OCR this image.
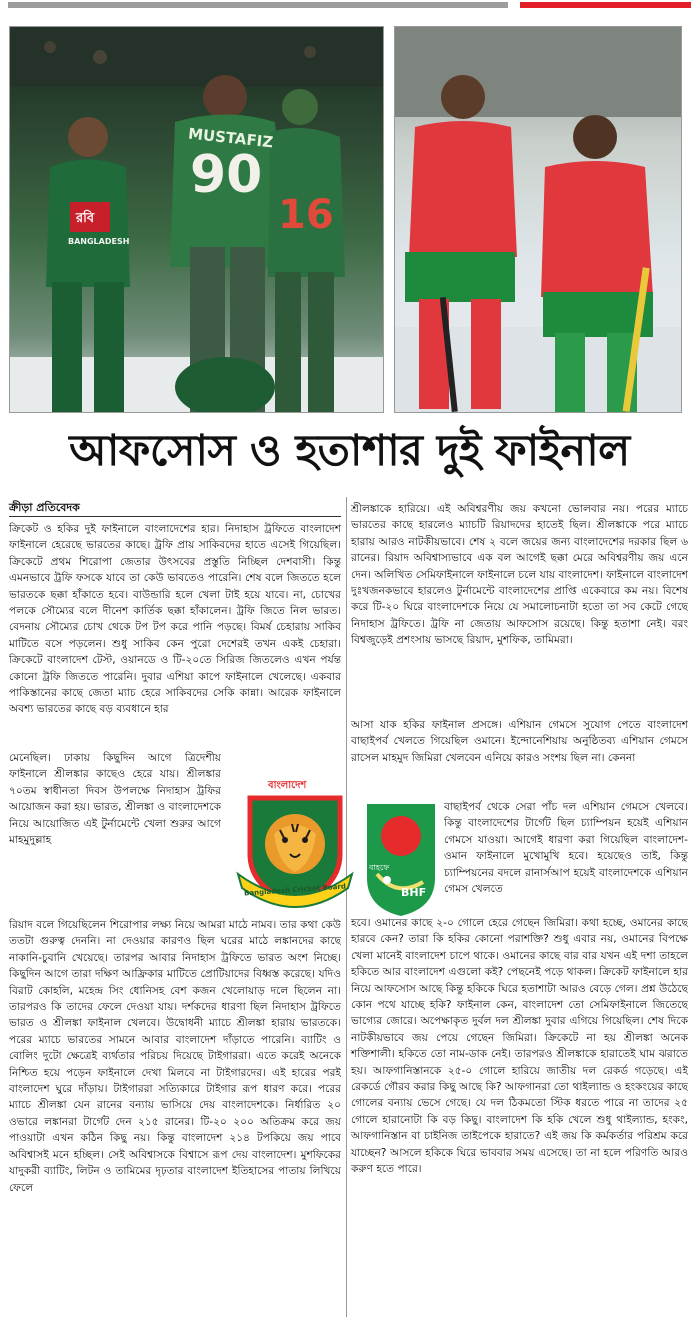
MUSTAFIZ
90
16
রবি
BANGLADESH
আফসোস ও হতাশার দুই ফাইনাল
ক্রীড়া প্রতিবেদক

ক্রিকেট ও হকির দুই ফাইনালে বাংলাদেশের হার। নিদাহাস ট্রফিতে বাংলাদেশ ফাইনালে হেরেছে ভারতের কাছে। ট্রফি প্রায় সাকিবদের হাতে এসেই গিয়েছিল। ক্রিকেটে প্রথম শিরোপা জেতার উৎসবের প্রস্তুতি নিচ্ছিল দেশবাসী। কিন্তু এমনভাবে ট্রফি ফসকে যাবে তা কেউ ভাবতেও পারেনি। শেষ বলে জিততে হলে ভারতকে ছক্কা হাঁকাতে হবে। বাউন্ডারি হলে খেলা টাই হয়ে যাবে। না, চোখের পলকে সৌম্যের বলে দীনেশ কার্তিক ছক্কা হাঁকালেন। ট্রফি জিতে নিল ভারত। বেদনায় সৌম্যের চোখ থেকে টপ টপ করে পানি পড়ছে। বিমর্ষ চেহারায় সাকিব মাটিতে বসে পড়লেন। শুধু সাকিব কেন পুরো দেশেরই তখন একই চেহারা। ক্রিকেটে বাংলাদেশ টেস্ট, ওয়ানডে ও টি-২০তে সিরিজ জিতলেও এখন পর্যন্ত কোনো ট্রফি জিততে পারেনি। দুবার এশিয়া কাপে ফাইনালে খেলেছে। একবার পাকিস্তানের কাছে জেতা ম্যাচ হেরে সাকিবদের সেকি কান্না। আরেক ফাইনালে অবশ্য ভারতের কাছে বড় ব্যবধানে হার

মেনেছিল। ঢাকায় কিছুদিন আগে ত্রিদেশীয় ফাইনালে শ্রীলঙ্কার কাছেও হেরে যায়। শ্রীলঙ্কার ৭০তম স্বাধীনতা দিবস উপলক্ষে নিদাহাস ট্রফির আয়োজন করা হয়। ভারত, শ্রীলঙ্কা ও বাংলাদেশকে নিয়ে আয়োজিত এই টুর্নামেন্টে খেলা শুরুর আগে মাহমুদুল্লাহ

রিয়াদ বলে গিয়েছিলেন শিরোপার লক্ষ্য নিয়ে আমরা মাঠে নামব। তার কথা কেউ ততটা গুরুত্ব দেননি। না দেওয়ার কারণও ছিল ঘরের মাঠে লঙ্কানদের কাছে নাকানি-চুবানি খেয়েছে। তারপর আবার নিদাহাস ট্রফিতে ভারত অংশ নিচ্ছে। কিছুদিন আগে তারা দক্ষিণ আফ্রিকার মাটিতে প্রোটিয়াদের বিধ্বস্ত করেছে। যদিও বিরাট কোহলি, মহেন্দ্র সিং ধোনিসহ বেশ কজন খেলোয়াড় দলে ছিলেন না। তারপরও কি তাদের ফেলে দেওয়া যায়। দর্শকদের ধারণা ছিল নিদাহাস ট্রফিতে ভারত ও শ্রীলঙ্কা ফাইনাল খেলবে। উদ্বোধনী ম্যাচে শ্রীলঙ্কা হারায় ভারতকে। পরের ম্যাচে ভারতের সামনে আবার বাংলাদেশ দাঁড়াতে পারেনি। ব্যাটিং ও বোলিং দুটো ক্ষেত্রেই ব্যর্থতার পরিচয় দিয়েছে টাইগাররা। এতে করেই অনেকে নিশ্চিত হয়ে পড়েন ফাইনালে দেখা মিলবে না টাইগারদের। এই হারের পরই বাংলাদেশ ঘুরে দাঁড়ায়। টাইগাররা সত্যিকারে টাইগার রূপ ধারণ করে। পরের ম্যাচে শ্রীলঙ্কা যেন রানের বন্যায় ভাসিয়ে দেয় বাংলাদেশকে। নির্ধারিত ২০ ওভারে লঙ্কানরা টার্গেট দেন ২১৫ রানের। টি-২০ ২০০ অতিক্রম করে জয় পাওয়াটা এখন কঠিন কিছু নয়। কিন্তু বাংলাদেশ ২১৪ টপকিয়ে জয় পাবে অবিশ্বাসই মনে হচ্ছিল। সেই অবিশ্বাসকে বিশ্বাসে রূপ দেয় বাংলাদেশ। মুশফিকের যাদুকরী ব্যাটিং, লিটন ও তামিমের দৃঢ়তার বাংলাদেশ ইতিহাসের পাতায় লিখিয়ে ফেলে

শ্রীলঙ্কাকে হারিয়ে। এই অবিশ্বরণীয় জয় কখনো ভোলবার নয়। পরের ম্যাচে ভারতের কাছে হারলেও ম্যাচটি রিয়াদদের হাতেই ছিল। শ্রীলঙ্কাকে পরে ম্যাচে হারায় আরও নাটকীয়ভাবে। শেষ ২ বলে জয়ের জন্য বাংলাদেশের দরকার ছিল ৬ রানের। রিয়াদ অবিশ্বাস্যভাবে এক বল আগেই ছক্কা মেরে অবিশ্বরণীয় জয় এনে দেন। অলিখিত সেমিফাইনালে ফাইনালে চলে যায় বাংলাদেশ। ফাইনালে বাংলাদেশ দুঃখজনকভাবে হারলেও টুর্নামেন্টে বাংলাদেশের প্রাপ্তি একেবারে কম নয়। বিশেষ করে টি-২০ ঘিরে বাংলাদেশকে নিয়ে যে সমালোচনাটা হতো তা সব কেটে গেছে নিদাহাস ট্রফিতে। ট্রফি না জেতায় আফসোস রয়েছে। কিন্তু হতাশা নেই। বরং বিশ্বজুড়েই প্রশংসায় ভাসছে রিয়াদ, মুশফিক, তামিমরা।

আসা যাক হকির ফাইনাল প্রসঙ্গে। এশিয়ান গেমসে সুযোগ পেতে বাংলাদেশ বাছাইপর্ব খেলতে গিয়েছিল ওমানে। ইন্দোনেশিয়ায় অনুষ্ঠিতব্য এশিয়ান গেমসে রাসেল মাহমুদ জিমিরা খেলবেন এনিয়ে কারও সংশয় ছিল না। কেননা

বাছাইপর্ব থেকে সেরা পাঁচ দল এশিয়ান গেমসে খেলবে। কিন্তু বাংলাদেশের টার্গেট ছিল চ্যাম্পিয়ন হয়েই এশিয়ান গেমসে যাওয়া। আগেই ধারণা করা গিয়েছিল বাংলাদেশ-ওমান ফাইনালে মুখোমুখি হবে। হয়েছেও তাই, কিন্তু চ্যাম্পিয়নের বদলে রানার্সআপ হয়েই বাংলাদেশকে এশিয়ান গেমস খেলতে

হবে। ওমানের কাছে ২-০ গোলে হেরে গেছেন জিমিরা। কথা হচ্ছে, ওমানের কাছে হারবে কেন? তারা কি হকির কোনো পরাশক্তি? শুধু এবার নয়, ওমানের বিপক্ষে খেলা মানেই বাংলাদেশ চাপে থাকে। ওমানের কাছে বার বার যখন এই দশা তাহলে হকিতে আর বাংলাদেশ এগুলো কই? পেছনেই পড়ে থাকল। ক্রিকেট ফাইনালে হার নিয়ে আফসোস আছে কিন্তু হকিকে ঘিরে হতাশাটা আরও বেড়ে গেল। প্রশ্ন উঠেছে কোন পথে যাচ্ছে হকি? ফাইনাল কেন, বাংলাদেশ তো সেমিফাইনালে জিতেছে ভাগ্যের জোরে। অপেক্ষাকৃত দুর্বল দল শ্রীলঙ্কা দুবার এগিয়ে গিয়েছিল। শেষ দিকে নাটকীয়ভাবে জয় পেয়ে গেছেন জিমিরা। ক্রিকেটে না হয় শ্রীলঙ্কা অনেক শক্তিশালী। হকিতে তো নাম-ডাক নেই। তারপরও শ্রীলঙ্কাকে হারাতেই ঘাম ঝরাতে হয়। আফগানিস্তানকে ২৫-০ গোলে হারিয়ে জাতীয় দল রেকর্ড গড়েছে। এই রেকর্ডে গৌরব করার কিছু আছে কি? আফগানরা তো থাইল্যান্ড ও হংকংয়ের কাছে গোলের বন্যায় ভেসে গেছে। যে দল ঠিকমতো স্টিক ধরতে পারে না তাদের ২৫ গোলে হারানোটা কি বড় কিছু। বাংলাদেশ কি হকি খেলে শুধু থাইল্যান্ড, হংকং, আফগানিস্তান বা চাইনিজ তাইপেকে হারাতে? এই জয় কি কর্মকর্তার পরিশ্রম করে যাচ্ছেন? আসলে হকিকে ঘিরে ভাববার সময় এসেছে। তা না হলে পরিণতি আরও করুণ হতে পারে।

বাংলাদেশ
Bangladesh Cricket Board
বাহফে
BHF
